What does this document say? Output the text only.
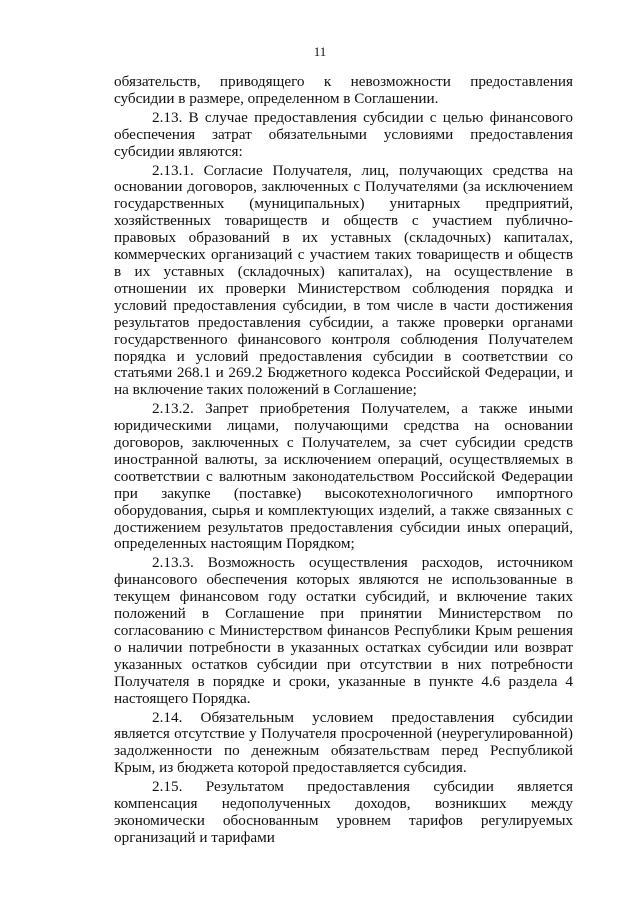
11

обязательств, приводящего к невозможности предоставления субсидии в размере, определенном в Соглашении.

2.13. В случае предоставления субсидии с целью финансового обеспечения затрат обязательными условиями предоставления субсидии являются:

2.13.1. Согласие Получателя, лиц, получающих средства на основании договоров, заключенных с Получателями (за исключением государственных (муниципальных) унитарных предприятий, хозяйственных товариществ и обществ с участием публично-правовых образований в их уставных (складочных) капиталах, коммерческих организаций с участием таких товариществ и обществ в их уставных (складочных) капиталах), на осуществление в отношении их проверки Министерством соблюдения порядка и условий предоставления субсидии, в том числе в части достижения результатов предоставления субсидии, а также проверки органами государственного финансового контроля соблюдения Получателем порядка и условий предоставления субсидии в соответствии со статьями 268.1 и 269.2 Бюджетного кодекса Российской Федерации, и на включение таких положений в Соглашение;

2.13.2. Запрет приобретения Получателем, а также иными юридическими лицами, получающими средства на основании договоров, заключенных с Получателем, за счет субсидии средств иностранной валюты, за исключением операций, осуществляемых в соответствии с валютным законодательством Российской Федерации при закупке (поставке) высокотехнологичного импортного оборудования, сырья и комплектующих изделий, а также связанных с достижением результатов предоставления субсидии иных операций, определенных настоящим Порядком;

2.13.3. Возможность осуществления расходов, источником финансового обеспечения которых являются не использованные в текущем финансовом году остатки субсидий, и включение таких положений в Соглашение при принятии Министерством по согласованию с Министерством финансов Республики Крым решения о наличии потребности в указанных остатках субсидии или возврат указанных остатков субсидии при отсутствии в них потребности Получателя в порядке и сроки, указанные в пункте 4.6 раздела 4 настоящего Порядка.

2.14. Обязательным условием предоставления субсидии является отсутствие у Получателя просроченной (неурегулированной) задолженности по денежным обязательствам перед Республикой Крым, из бюджета которой предоставляется субсидия.

2.15. Результатом предоставления субсидии является компенсация недополученных доходов, возникших между экономически обоснованным уровнем тарифов регулируемых организаций и тарифами
